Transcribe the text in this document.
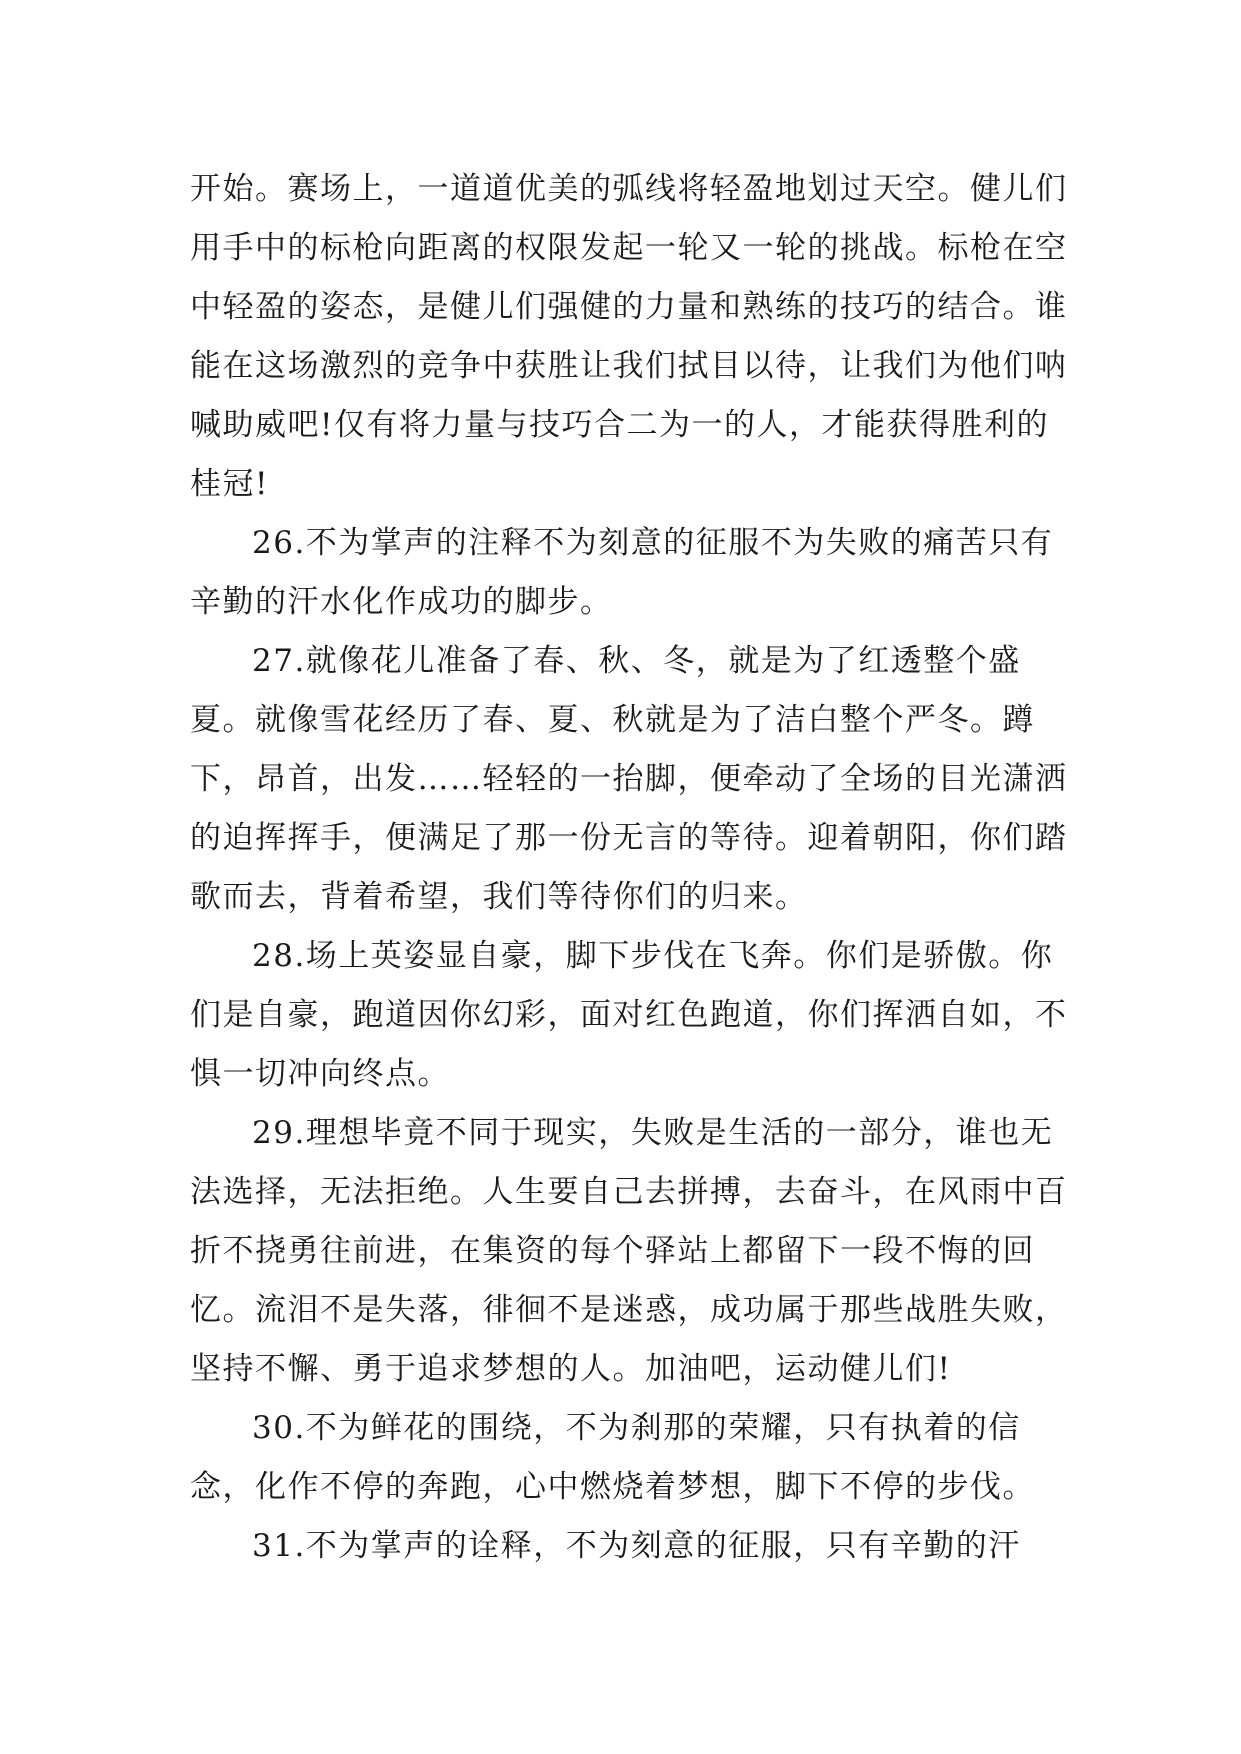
开始。赛场上，一道道优美的弧线将轻盈地划过天空。健儿们用手中的标枪向距离的权限发起一轮又一轮的挑战。标枪在空中轻盈的姿态，是健儿们强健的力量和熟练的技巧的结合。谁能在这场激烈的竞争中获胜让我们拭目以待，让我们为他们呐喊助威吧!仅有将力量与技巧合二为一的人，才能获得胜利的桂冠!

26.不为掌声的注释不为刻意的征服不为失败的痛苦只有辛勤的汗水化作成功的脚步。

27.就像花儿准备了春、秋、冬，就是为了红透整个盛夏。就像雪花经历了春、夏、秋就是为了洁白整个严冬。蹲下，昂首，出发……轻轻的一抬脚，便牵动了全场的目光潇洒的迫挥挥手，便满足了那一份无言的等待。迎着朝阳，你们踏歌而去，背着希望，我们等待你们的归来。

28.场上英姿显自豪，脚下步伐在飞奔。你们是骄傲。你们是自豪，跑道因你幻彩，面对红色跑道，你们挥洒自如，不惧一切冲向终点。

29.理想毕竟不同于现实，失败是生活的一部分，谁也无法选择，无法拒绝。人生要自己去拼搏，去奋斗，在风雨中百折不挠勇往前进，在集资的每个驿站上都留下一段不悔的回忆。流泪不是失落，徘徊不是迷惑，成功属于那些战胜失败，坚持不懈、勇于追求梦想的人。加油吧，运动健儿们!

30.不为鲜花的围绕，不为刹那的荣耀，只有执着的信念，化作不停的奔跑，心中燃烧着梦想，脚下不停的步伐。

31.不为掌声的诠释，不为刻意的征服，只有辛勤的汗
